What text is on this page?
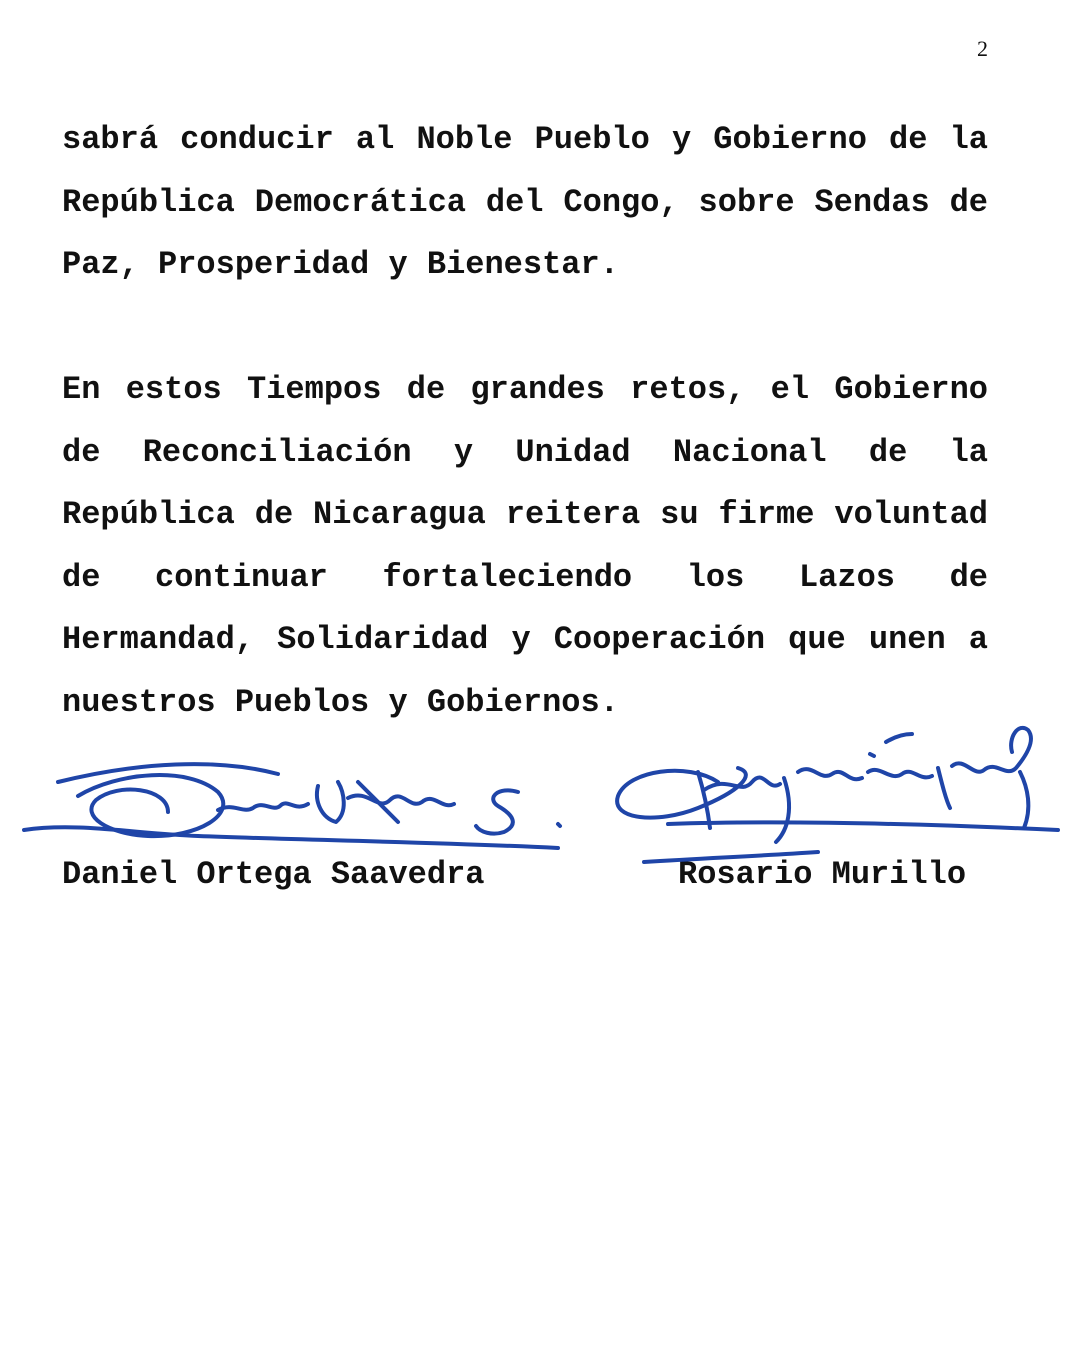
2

sabrá conducir al Noble Pueblo y Gobierno de la República Democrática del Congo, sobre Sendas de Paz, Prosperidad y Bienestar.

En estos Tiempos de grandes retos, el Gobierno de Reconciliación y Unidad Nacional de la República de Nicaragua reitera su firme voluntad de continuar fortaleciendo los Lazos de Hermandad, Solidaridad y Cooperación que unen a nuestros Pueblos y Gobiernos.

Daniel Ortega Saavedra	Rosario Murillo
